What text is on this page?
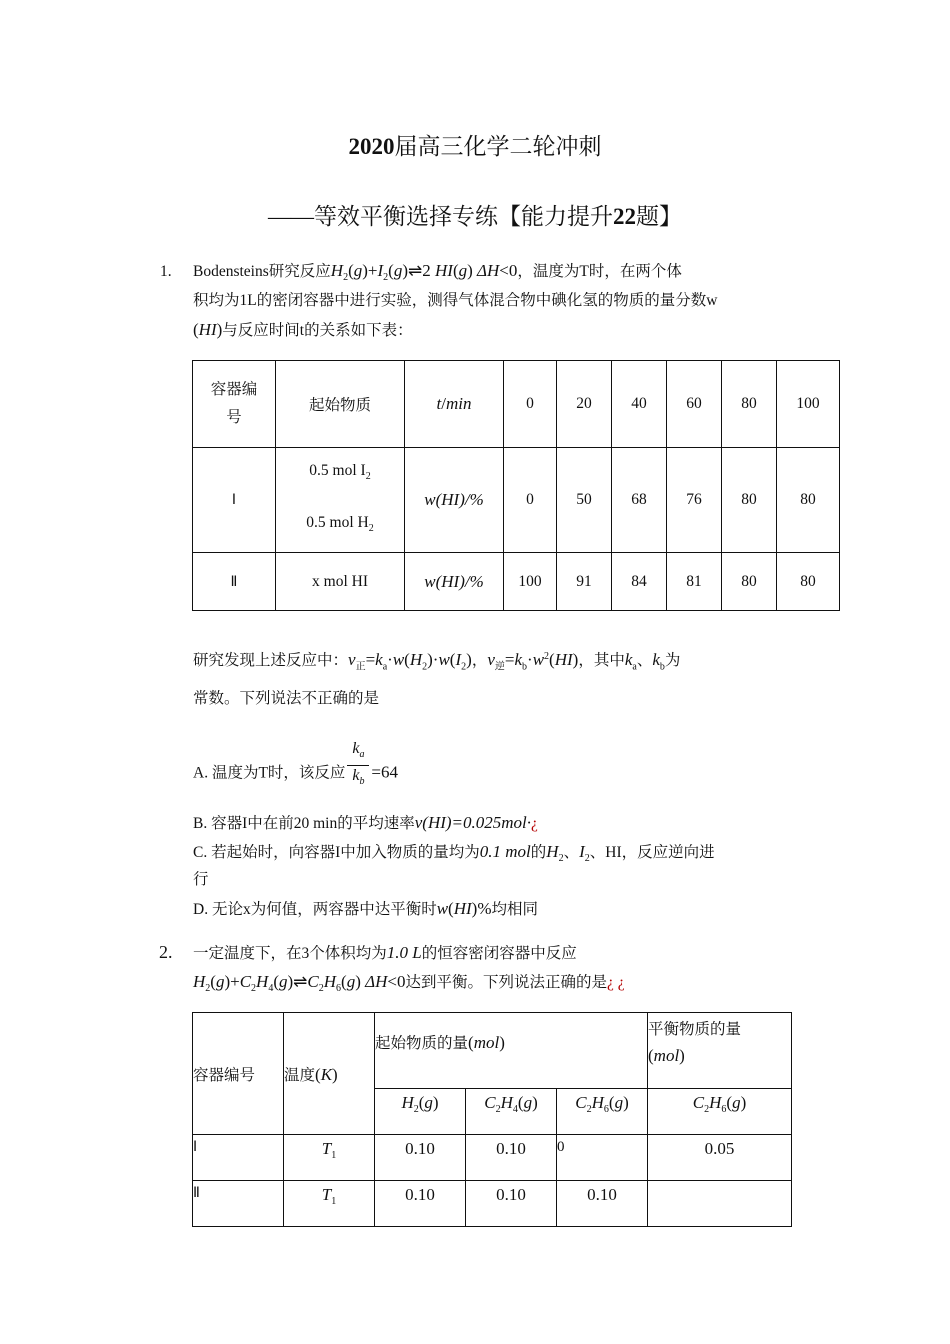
2020届高三化学二轮冲刺
——等效平衡选择专练【能力提升22题】
1. Bodensteins研究反应$H_2(g)+I_2(g)\rightleftharpoons 2$ HI(g) ΔH<0，温度为T时，在两个体
积均为1L的密闭容器中进行实验，测得气体混合物中碘化氢的物质的量分数w
(HI)与反应时间t的关系如下表：
容器编号	起始物质	t/min	0	20	40	60	80	100
Ⅰ	0.5 mol $I_2$
0.5 mol $H_2$	w(HI)/%	0	50	68	76	80	80
Ⅱ	x mol HI	w(HI)/%	100	91	84	81	80	80
研究发现上述反应中：$v_正=k_a\cdot w(H_2)\cdot w(I_2)$，$v_逆=k_b\cdot w^2(HI)$，其中$k_a$、$k_b$为
常数。下列说法不正确的是
A. 温度为T时，该反应 $\frac{k_a}{k_b} =64$
B. 容器I中在前20 min的平均速率v(HI)=0.025mol·¿
C. 若起始时，向容器I中加入物质的量均为0.1 mol的$H_2$、$I_2$、HI，反应逆向进
行
D. 无论x为何值，两容器中达平衡时w(HI)%均相同
2. 一定温度下，在3个体积均为1.0 L的恒容密闭容器中反应
$H_2(g)+C_2H_4(g)\rightleftharpoons C_2H_6(g)$ ΔH<0达到平衡。下列说法正确的是¿ ¿
容器编号	温度(K)	起始物质的量(mol)			平衡物质的量
(mol)

		$H_2(g)$	$C_2H_4(g)$	$C_2H_6(g)$	$C_2H_6(g)$
Ⅰ	$T_1$	0.10	0.10	0	0.05
Ⅱ	$T_1$	0.10	0.10	0.10	
